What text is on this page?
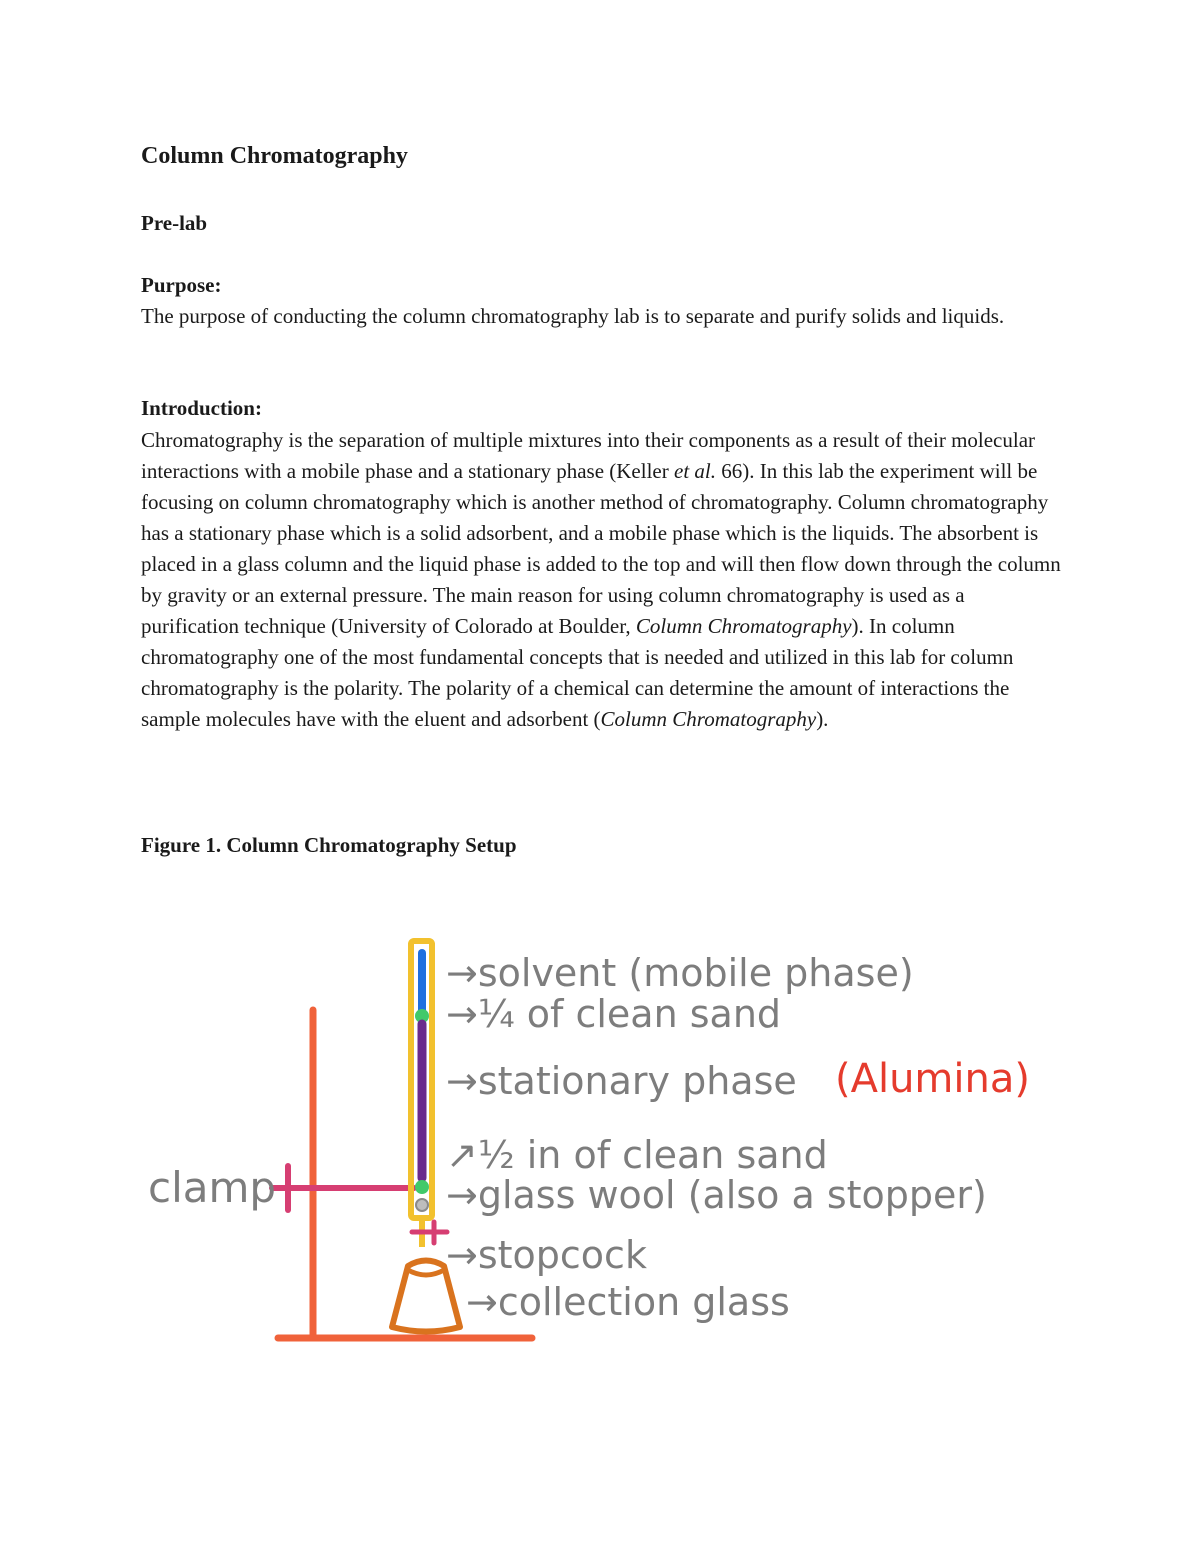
Column Chromatography

Pre-lab

Purpose:

The purpose of conducting the column chromatography lab is to separate and purify solids and liquids.

Introduction:

Chromatography is the separation of multiple mixtures into their components as a result of their molecular interactions with a mobile phase and a stationary phase (Keller et al. 66). In this lab the experiment will be focusing on column chromatography which is another method of chromatography. Column chromatography has a stationary phase which is a solid adsorbent, and a mobile phase which is the liquids. The absorbent is placed in a glass column and the liquid phase is added to the top and will then flow down through the column by gravity or an external pressure. The main reason for using column chromatography is used as a purification technique (University of Colorado at Boulder, Column Chromatography). In column chromatography one of the most fundamental concepts that is needed and utilized in this lab for column chromatography is the polarity. The polarity of a chemical can determine the amount of interactions the sample molecules have with the eluent and adsorbent (Column Chromatography).

Figure 1. Column Chromatography Setup

→solvent (mobile phase)
→¼ of clean sand
→stationary phase (Alumina)
↗½ in of clean sand
→glass wool (also a stopper)
→stopcock
→collection glass
clamp
